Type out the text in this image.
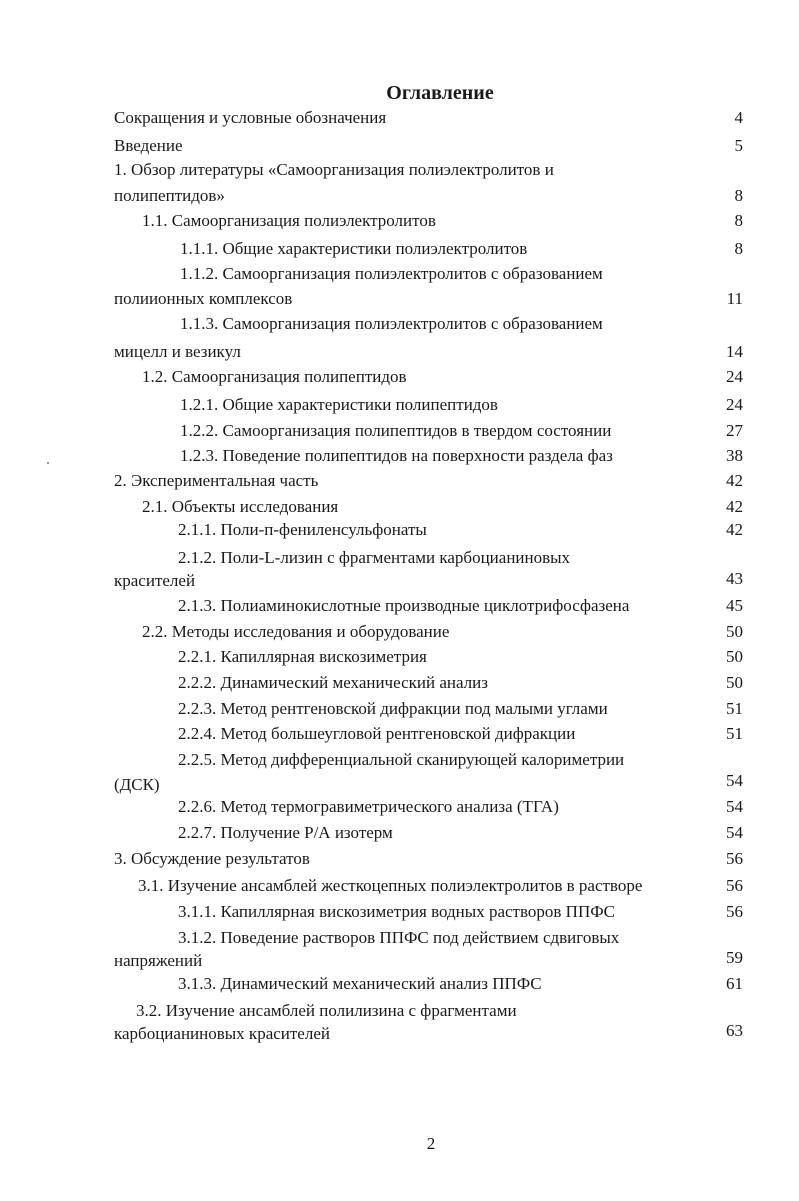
Оглавление
Сокращения и условные обозначения	4
Введение	5
1. Обзор литературы «Самоорганизация полиэлектролитов и
полипептидов»	8
1.1. Самоорганизация полиэлектролитов	8
1.1.1. Общие характеристики полиэлектролитов	8
1.1.2. Самоорганизация полиэлектролитов с образованием
полиионных комплексов	11
1.1.3. Самоорганизация полиэлектролитов с образованием
мицелл и везикул	14
1.2. Самоорганизация полипептидов	24
1.2.1. Общие характеристики полипептидов	24
1.2.2. Самоорганизация полипептидов в твердом состоянии	27
1.2.3. Поведение полипептидов на поверхности раздела фаз	38
2. Экспериментальная часть	42
2.1. Объекты исследования	42
2.1.1. Поли-п-фениленсульфонаты	42
2.1.2. Поли-L-лизин с фрагментами карбоцианиновых
красителей	43
2.1.3. Полиаминокислотные производные циклотрифосфазена	45
2.2. Методы исследования и оборудование	50
2.2.1. Капиллярная вискозиметрия	50
2.2.2. Динамический механический анализ	50
2.2.3. Метод рентгеновской дифракции под малыми углами	51
2.2.4. Метод большеугловой рентгеновской дифракции	51
2.2.5. Метод дифференциальной сканирующей калориметрии
(ДСК)	54
2.2.6. Метод термогравиметрического анализа (ТГА)	54
2.2.7. Получение Р/А изотерм	54
3. Обсуждение результатов	56
3.1. Изучение ансамблей жесткоцепных полиэлектролитов в растворе	56
3.1.1. Капиллярная вискозиметрия водных растворов ППФС	56
3.1.2. Поведение растворов ППФС под действием сдвиговых
напряжений	59
3.1.3. Динамический механический анализ ППФС	61
3.2. Изучение ансамблей полилизина с фрагментами
карбоцианиновых красителей	63
2
